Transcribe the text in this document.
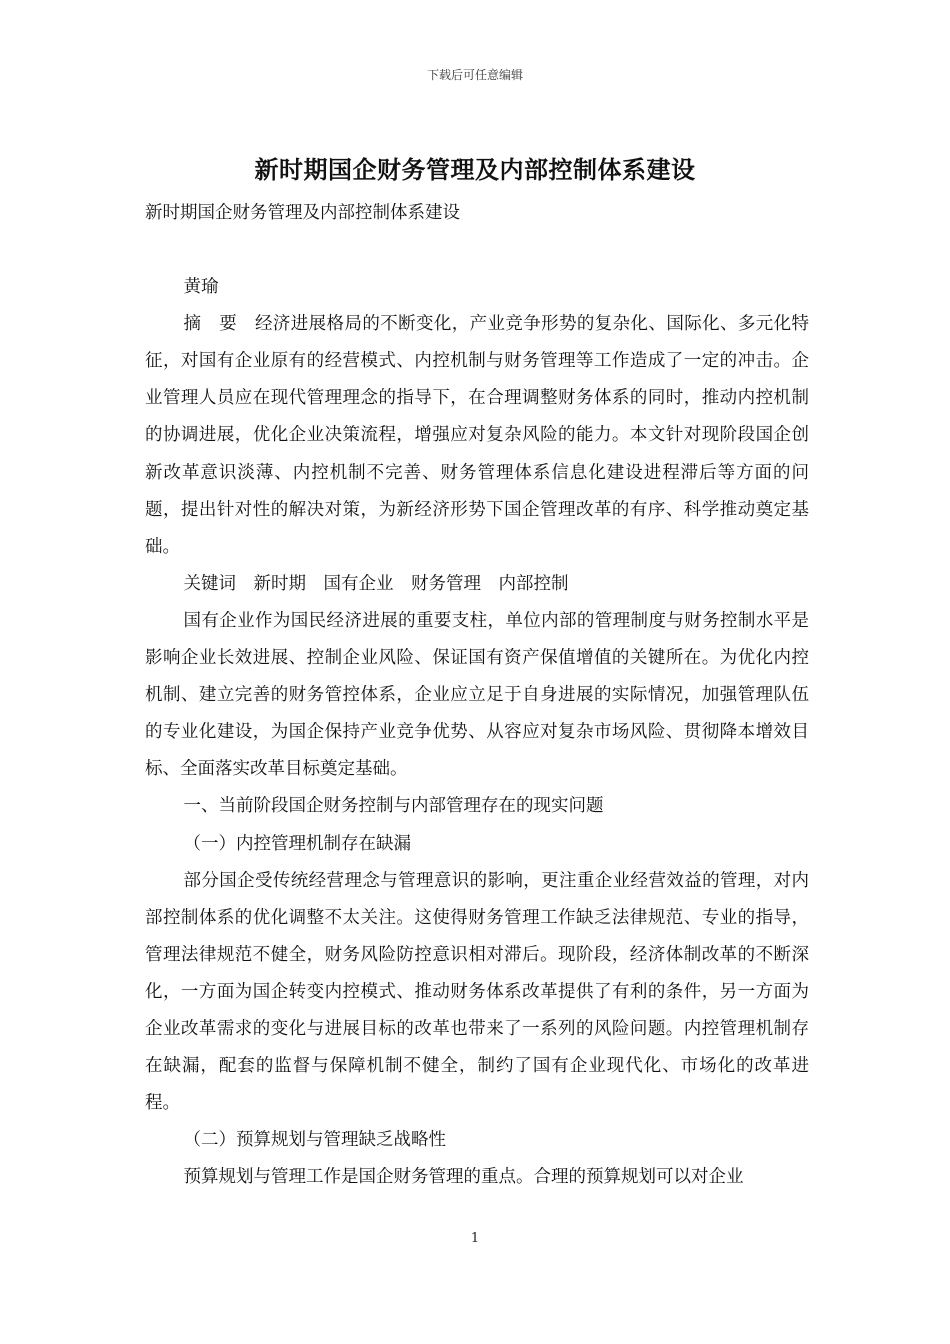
下载后可任意编辑
新时期国企财务管理及内部控制体系建设

新时期国企财务管理及内部控制体系建设

黄瑜

摘　要　经济进展格局的不断变化，产业竞争形势的复杂化、国际化、多元化特征，对国有企业原有的经营模式、内控机制与财务管理等工作造成了一定的冲击。企业管理人员应在现代管理理念的指导下，在合理调整财务体系的同时，推动内控机制的协调进展，优化企业决策流程，增强应对复杂风险的能力。本文针对现阶段国企创新改革意识淡薄、内控机制不完善、财务管理体系信息化建设进程滞后等方面的问题，提出针对性的解决对策，为新经济形势下国企管理改革的有序、科学推动奠定基础。

关键词　新时期　国有企业　财务管理　内部控制

国有企业作为国民经济进展的重要支柱，单位内部的管理制度与财务控制水平是影响企业长效进展、控制企业风险、保证国有资产保值增值的关键所在。为优化内控机制、建立完善的财务管控体系，企业应立足于自身进展的实际情况，加强管理队伍的专业化建设，为国企保持产业竞争优势、从容应对复杂市场风险、贯彻降本增效目标、全面落实改革目标奠定基础。

一、当前阶段国企财务控制与内部管理存在的现实问题

（一）内控管理机制存在缺漏

部分国企受传统经营理念与管理意识的影响，更注重企业经营效益的管理，对内部控制体系的优化调整不太关注。这使得财务管理工作缺乏法律规范、专业的指导，管理法律规范不健全，财务风险防控意识相对滞后。现阶段，经济体制改革的不断深化，一方面为国企转变内控模式、推动财务体系改革提供了有利的条件，另一方面为企业改革需求的变化与进展目标的改革也带来了一系列的风险问题。内控管理机制存在缺漏，配套的监督与保障机制不健全，制约了国有企业现代化、市场化的改革进程。

（二）预算规划与管理缺乏战略性

预算规划与管理工作是国企财务管理的重点。合理的预算规划可以对企业

1
